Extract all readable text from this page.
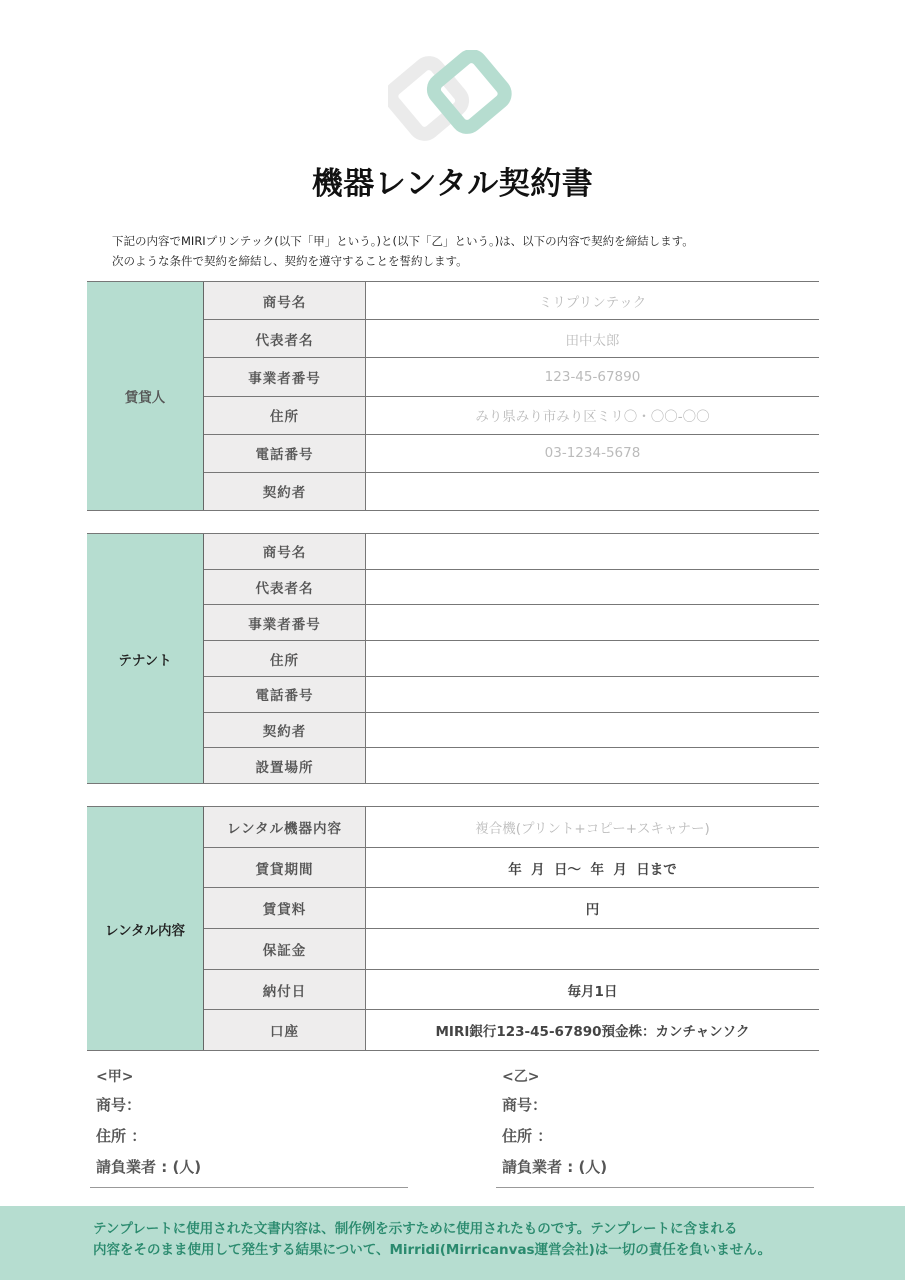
機器レンタル契約書
下記の内容でMIRIプリンテック(以下「甲」という。)と(以下「乙」という。)は、以下の内容で契約を締結します。
次のような条件で契約を締結し、契約を遵守することを誓約します。
賃貸人
商号名	ミリプリンテック
代表者名	田中太郎
事業者番号	123-45-67890
住所	みり県みり市みり区ミリ〇・〇〇-〇〇
電話番号	03-1234-5678
契約者
テナント
商号名
代表者名
事業者番号
住所
電話番号
契約者
設置場所
レンタル内容
レンタル機器内容	複合機(プリント+コピー+スキャナー)
賃貸期間	年  月  日〜  年  月  日まで
賃貸料	円
保証金
納付日	毎月1日
口座	MIRI銀行123-45-67890預金株：カンチャンソク
<甲>
商号：
住所 ：
請負業者 : (人)
<乙>
商号：
住所 ：
請負業者 : (人)
テンプレートに使用された文書内容は、制作例を示すために使用されたものです。テンプレートに含まれる
内容をそのまま使用して発生する結果について、Mirridi(Mirricanvas運営会社)は一切の責任を負いません。
